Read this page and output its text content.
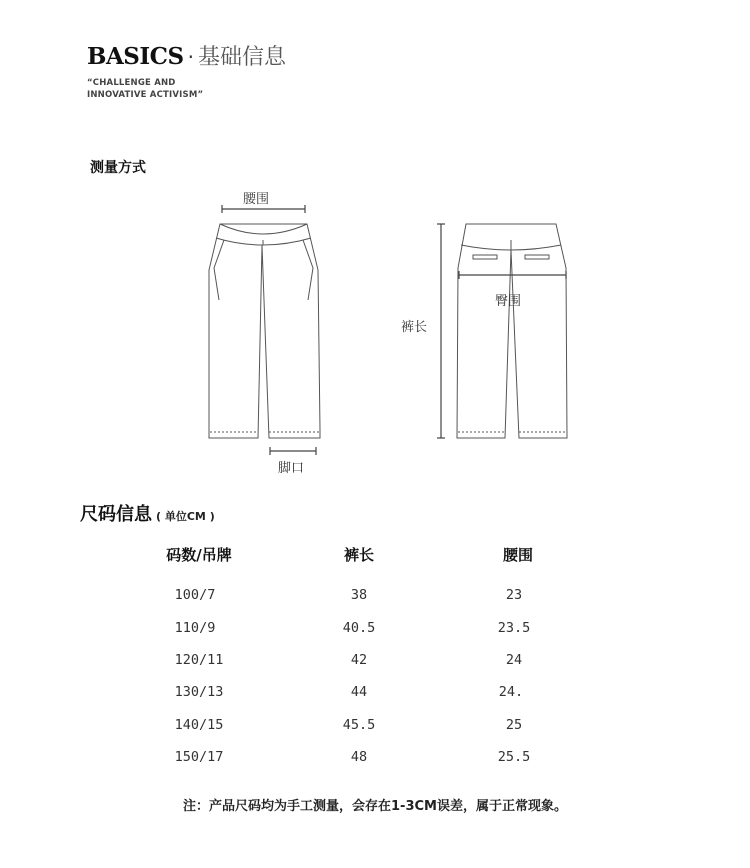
BASICS · 基础信息
“CHALLENGE AND
INNOVATIVE ACTIVISM”
测量方式
腰围
脚口
裤长
臀围
尺码信息 ( 单位CM )
码数/吊牌	裤长	腰围
100/7	38	23
110/9	40.5	23.5
120/11	42	24
130/13	44	24.
140/15	45.5	25
150/17	48	25.5
注：产品尺码均为手工测量，会存在1-3CM误差，属于正常现象。
